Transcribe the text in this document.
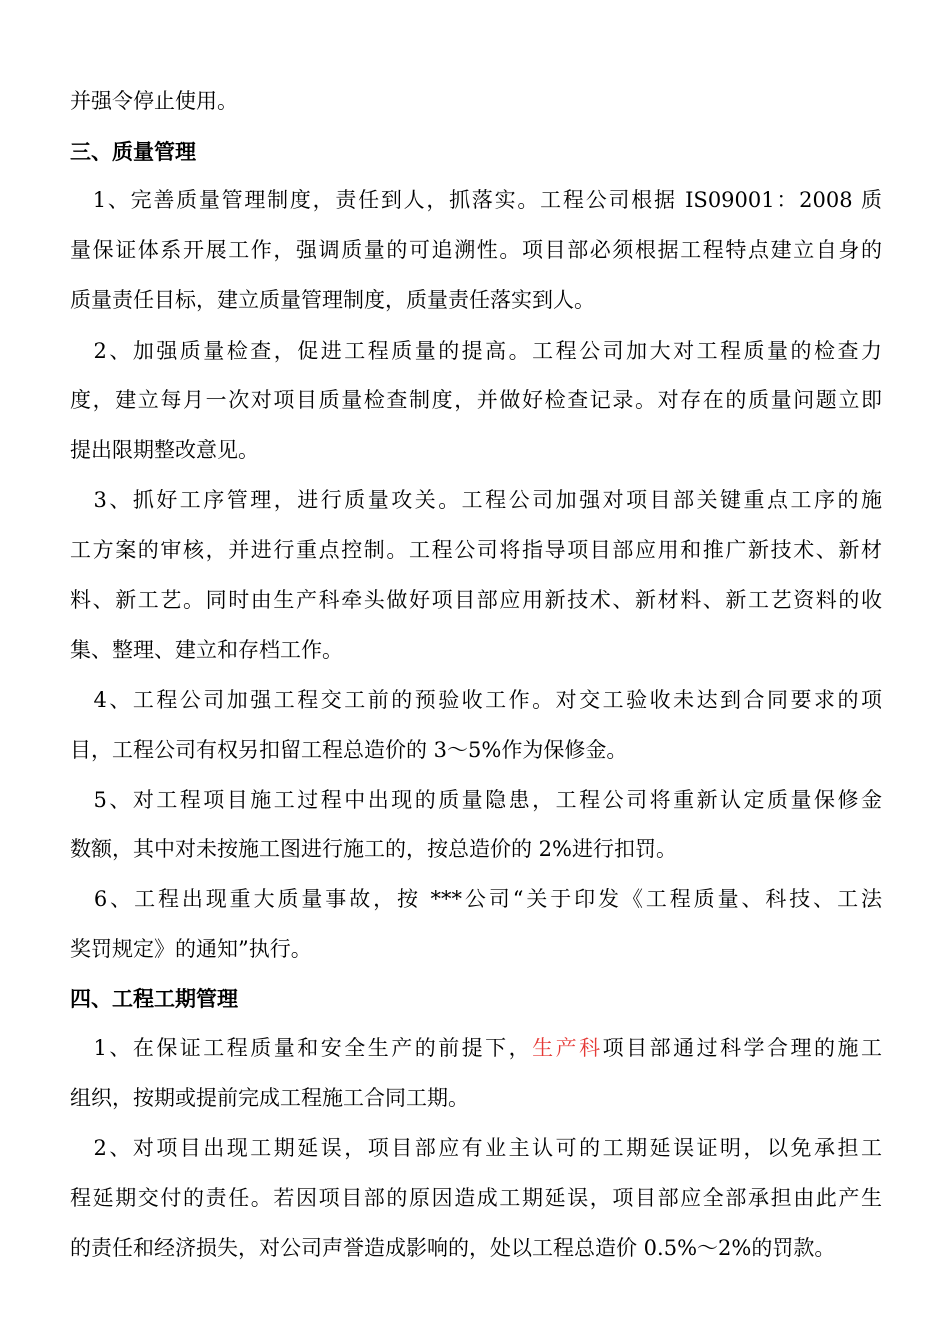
并强令停止使用。
三、质量管理
　1、完善质量管理制度，责任到人，抓落实。工程公司根据 IS09001：2008 质
量保证体系开展工作，强调质量的可追溯性。项目部必须根据工程特点建立自身的
质量责任目标，建立质量管理制度，质量责任落实到人。
　2、加强质量检查，促进工程质量的提高。工程公司加大对工程质量的检查力
度，建立每月一次对项目质量检查制度，并做好检查记录。对存在的质量问题立即
提出限期整改意见。
　3、抓好工序管理，进行质量攻关。工程公司加强对项目部关键重点工序的施
工方案的审核，并进行重点控制。工程公司将指导项目部应用和推广新技术、新材
料、新工艺。同时由生产科牵头做好项目部应用新技术、新材料、新工艺资料的收
集、整理、建立和存档工作。
　4、工程公司加强工程交工前的预验收工作。对交工验收未达到合同要求的项
目，工程公司有权另扣留工程总造价的 3～5%作为保修金。
　5、对工程项目施工过程中出现的质量隐患，工程公司将重新认定质量保修金
数额，其中对未按施工图进行施工的，按总造价的 2%进行扣罚。
　6、工程出现重大质量事故，按 ***公司“关于印发《工程质量、科技、工法
奖罚规定》的通知”执行。
四、工程工期管理
　1、在保证工程质量和安全生产的前提下，生产科项目部通过科学合理的施工
组织，按期或提前完成工程施工合同工期。
　2、对项目出现工期延误，项目部应有业主认可的工期延误证明，以免承担工
程延期交付的责任。若因项目部的原因造成工期延误，项目部应全部承担由此产生
的责任和经济损失，对公司声誉造成影响的，处以工程总造价 0.5%～2%的罚款。
